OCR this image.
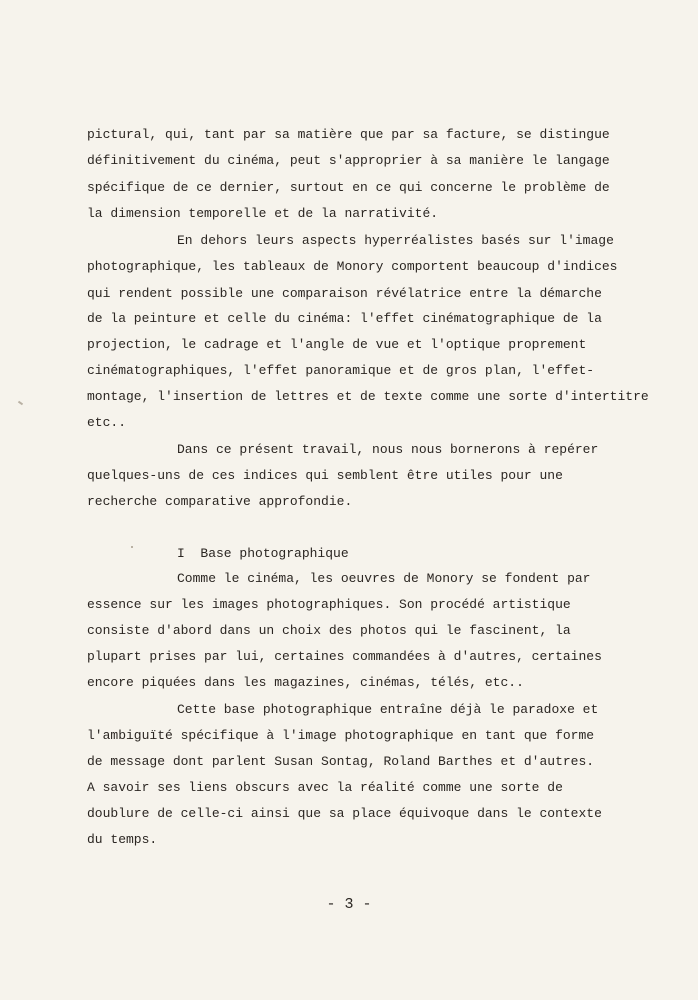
pictural, qui, tant par sa matière que par sa facture, se distingue
définitivement du cinéma, peut s'approprier à sa manière le langage
spécifique de ce dernier, surtout en ce qui concerne le problème de
la dimension temporelle et de la narrativité.
En dehors leurs aspects hyperréalistes basés sur l'image
photographique, les tableaux de Monory comportent beaucoup d'indices
qui rendent possible une comparaison révélatrice entre la démarche
de la peinture et celle du cinéma: l'effet cinématographique de la
projection, le cadrage et l'angle de vue et l'optique proprement
cinématographiques, l'effet panoramique et de gros plan, l'effet-
montage, l'insertion de lettres et de texte comme une sorte d'intertitre
etc..
Dans ce présent travail, nous nous bornerons à repérer
quelques-uns de ces indices qui semblent être utiles pour une
recherche comparative approfondie.
I  Base photographique
Comme le cinéma, les oeuvres de Monory se fondent par
essence sur les images photographiques. Son procédé artistique
consiste d'abord dans un choix des photos qui le fascinent, la
plupart prises par lui, certaines commandées à d'autres, certaines
encore piquées dans les magazines, cinémas, télés, etc..
Cette base photographique entraîne déjà le paradoxe et
l'ambiguïté spécifique à l'image photographique en tant que forme
de message dont parlent Susan Sontag, Roland Barthes et d'autres.
A savoir ses liens obscurs avec la réalité comme une sorte de
doublure de celle-ci ainsi que sa place équivoque dans le contexte
du temps.
- 3 -
